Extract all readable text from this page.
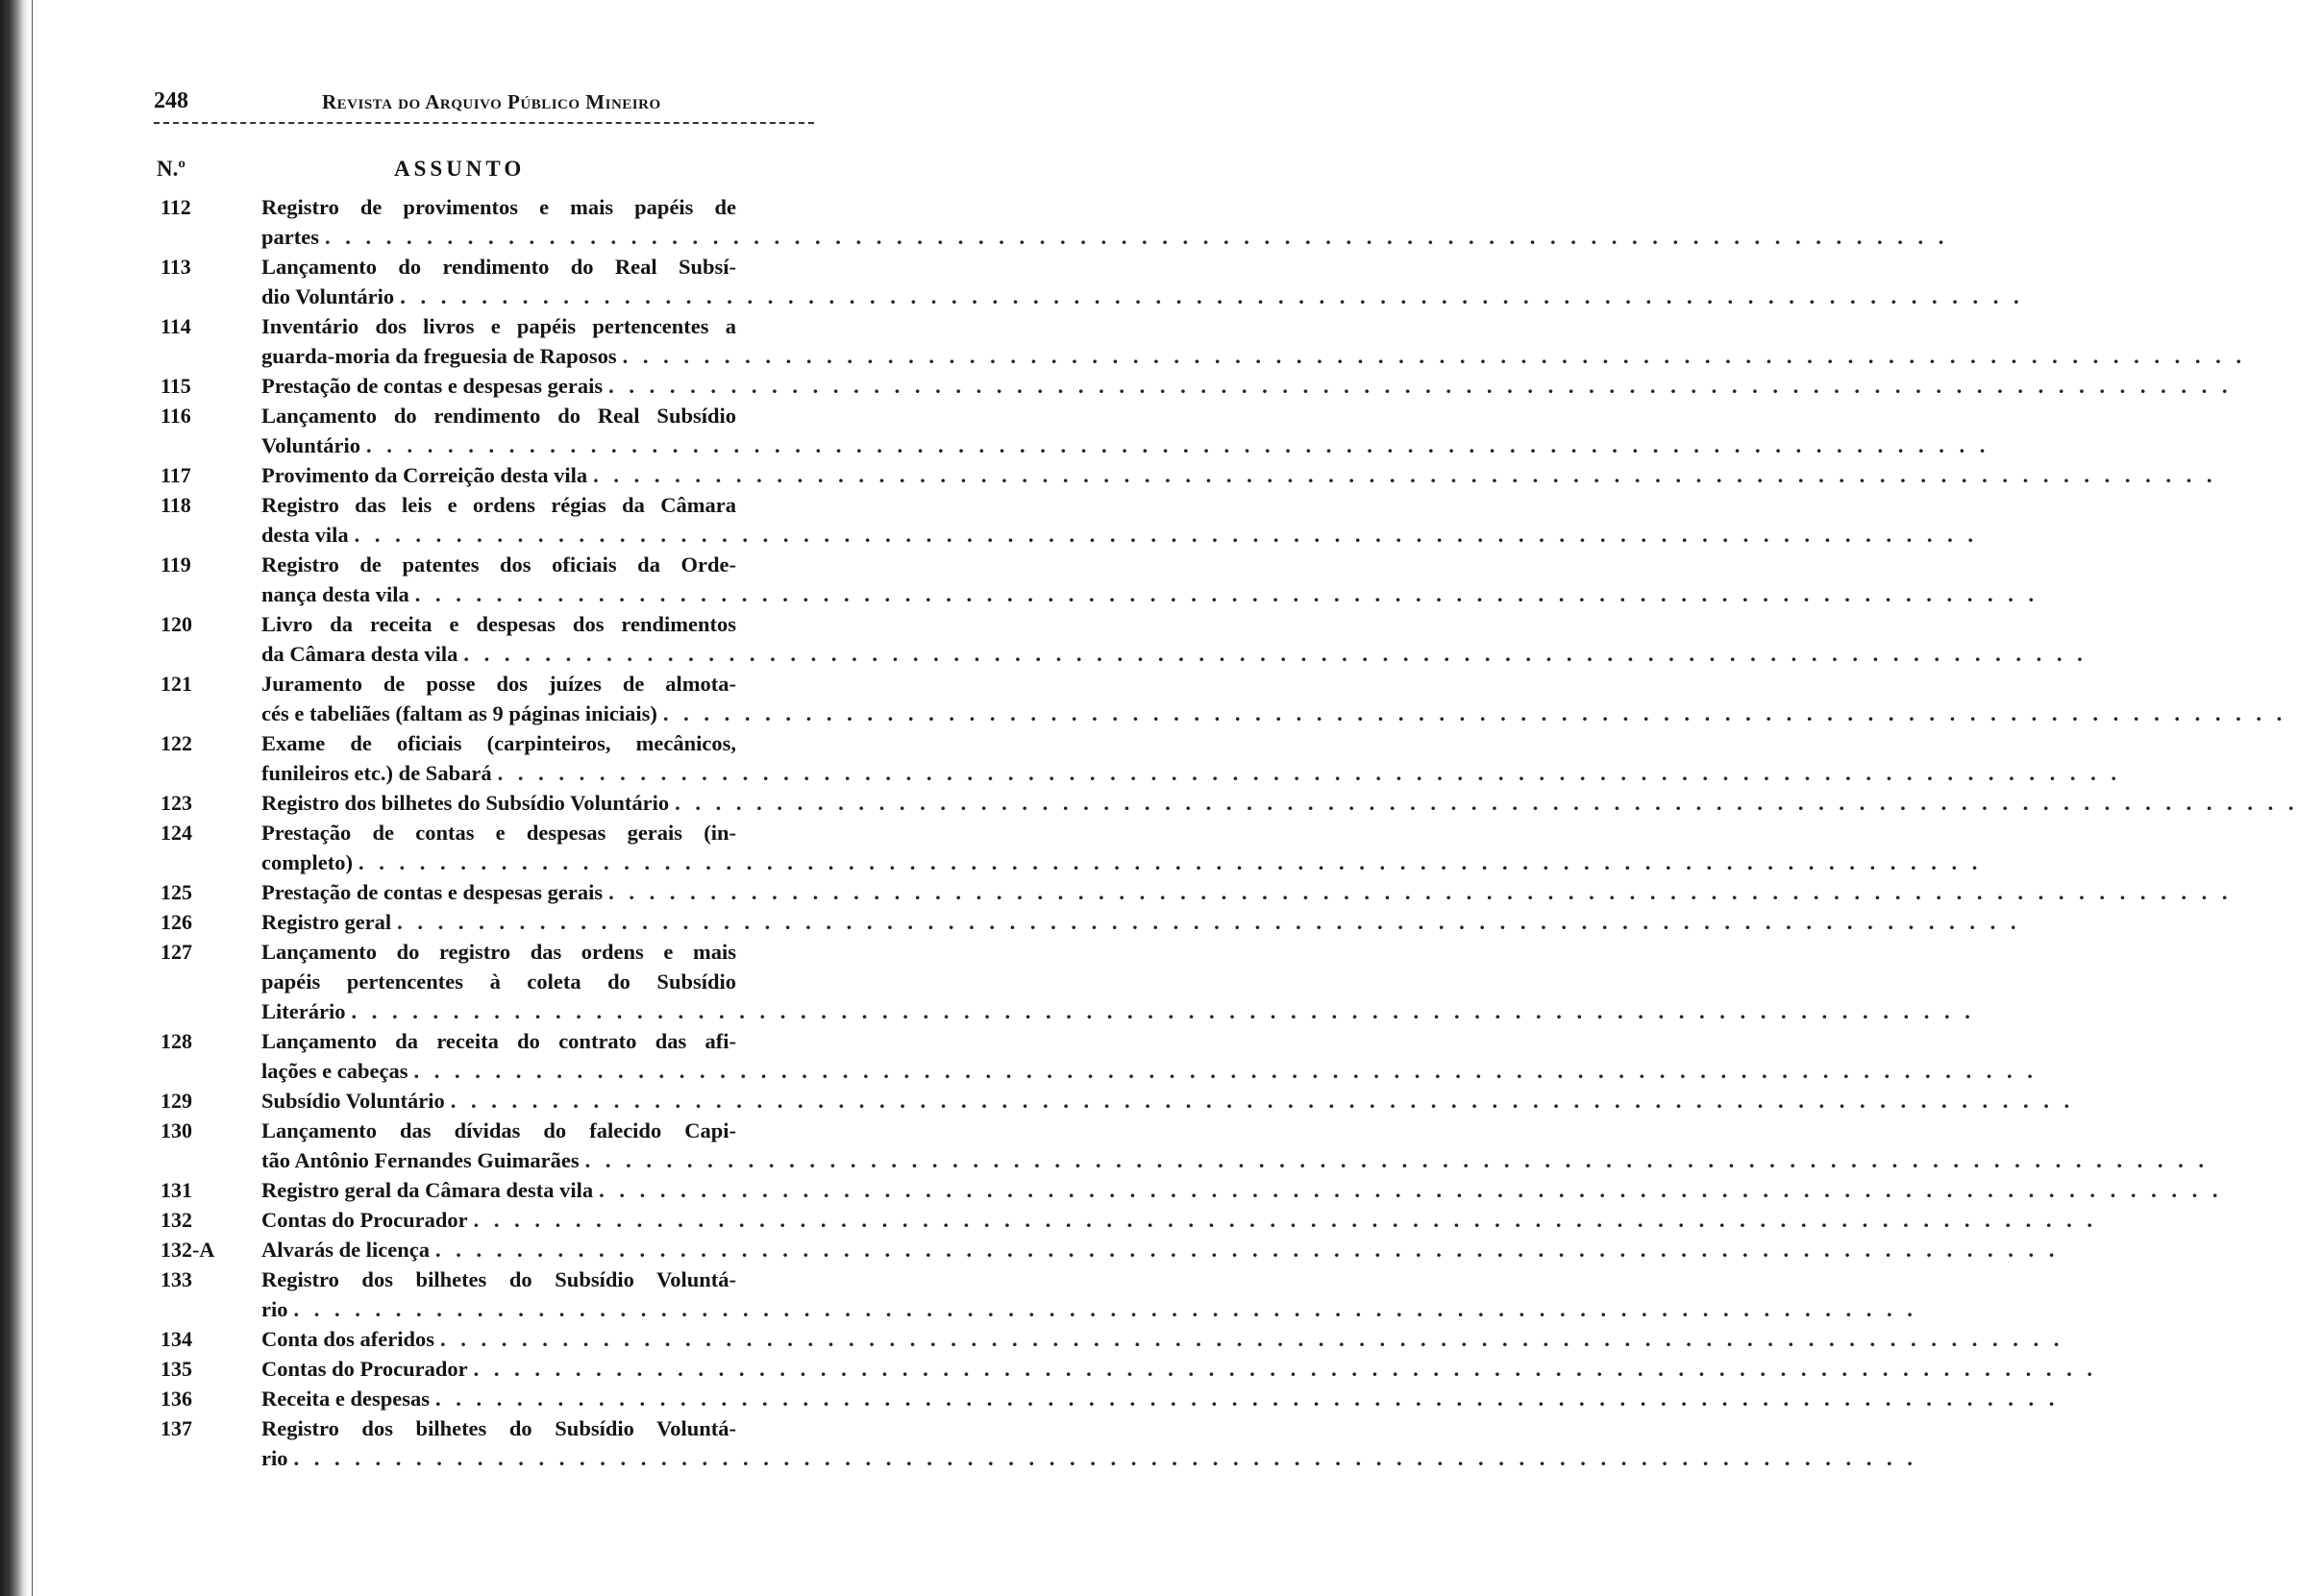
248	Revista do Arquivo Público Mineiro
N.º	ASSUNTO
112	Registro de provimentos e mais papéis de
partes . . . . . . . . . . . . . . . . . . . . . . . . . . . . . . . . . . . . . . . . . . . . . . . . . . . . . . . . . . . . . . . . . . . . . . . . . . . . . . . .
113	Lançamento do rendimento do Real Subsí-
dio Voluntário . . . . . . . . . . . . . . . . . . . . . . . . . . . . . . . . . . . . . . . . . . . . . . . . . . . . . . . . . . . . . . . . . . . . . . . . . . . . . . . .
114	Inventário dos livros e papéis pertencentes a
guarda-moria da freguesia de Raposos . . . . . . . . . . . . . . . . . . . . . . . . . . . . . . . . . . . . . . . . . . . . . . . . . . . . . . . . . . . . . . . . . . . . . . . . . . . . . . . .
115	Prestação de contas e despesas gerais . . . . . . . . . . . . . . . . . . . . . . . . . . . . . . . . . . . . . . . . . . . . . . . . . . . . . . . . . . . . . . . . . . . . . . . . . . . . . . . .
116	Lançamento do rendimento do Real Subsídio
Voluntário . . . . . . . . . . . . . . . . . . . . . . . . . . . . . . . . . . . . . . . . . . . . . . . . . . . . . . . . . . . . . . . . . . . . . . . . . . . . . . . .
117	Provimento da Correição desta vila . . . . . . . . . . . . . . . . . . . . . . . . . . . . . . . . . . . . . . . . . . . . . . . . . . . . . . . . . . . . . . . . . . . . . . . . . . . . . . . .
118	Registro das leis e ordens régias da Câmara
desta vila . . . . . . . . . . . . . . . . . . . . . . . . . . . . . . . . . . . . . . . . . . . . . . . . . . . . . . . . . . . . . . . . . . . . . . . . . . . . . . . .
119	Registro de patentes dos oficiais da Orde-
nança desta vila . . . . . . . . . . . . . . . . . . . . . . . . . . . . . . . . . . . . . . . . . . . . . . . . . . . . . . . . . . . . . . . . . . . . . . . . . . . . . . . .
120	Livro da receita e despesas dos rendimentos
da Câmara desta vila . . . . . . . . . . . . . . . . . . . . . . . . . . . . . . . . . . . . . . . . . . . . . . . . . . . . . . . . . . . . . . . . . . . . . . . . . . . . . . . .
121	Juramento de posse dos juízes de almota-
cés e tabeliães (faltam as 9 páginas iniciais) . . . . . . . . . . . . . . . . . . . . . . . . . . . . . . . . . . . . . . . . . . . . . . . . . . . . . . . . . . . . . . . . . . . . . . . . . . . . . . . .
122	Exame de oficiais (carpinteiros, mecânicos,
funileiros etc.) de Sabará . . . . . . . . . . . . . . . . . . . . . . . . . . . . . . . . . . . . . . . . . . . . . . . . . . . . . . . . . . . . . . . . . . . . . . . . . . . . . . . .
123	Registro dos bilhetes do Subsídio Voluntário . . . . . . . . . . . . . . . . . . . . . . . . . . . . . . . . . . . . . . . . . . . . . . . . . . . . . . . . . . . . . . . . . . . . . . . . . . . . . . . .
124	Prestação de contas e despesas gerais (in-
completo) . . . . . . . . . . . . . . . . . . . . . . . . . . . . . . . . . . . . . . . . . . . . . . . . . . . . . . . . . . . . . . . . . . . . . . . . . . . . . . . .
125	Prestação de contas e despesas gerais . . . . . . . . . . . . . . . . . . . . . . . . . . . . . . . . . . . . . . . . . . . . . . . . . . . . . . . . . . . . . . . . . . . . . . . . . . . . . . . .
126	Registro geral . . . . . . . . . . . . . . . . . . . . . . . . . . . . . . . . . . . . . . . . . . . . . . . . . . . . . . . . . . . . . . . . . . . . . . . . . . . . . . . .
127	Lançamento do registro das ordens e mais
papéis pertencentes à coleta do Subsídio
Literário . . . . . . . . . . . . . . . . . . . . . . . . . . . . . . . . . . . . . . . . . . . . . . . . . . . . . . . . . . . . . . . . . . . . . . . . . . . . . . . .
128	Lançamento da receita do contrato das afi-
lações e cabeças . . . . . . . . . . . . . . . . . . . . . . . . . . . . . . . . . . . . . . . . . . . . . . . . . . . . . . . . . . . . . . . . . . . . . . . . . . . . . . . .
129	Subsídio Voluntário . . . . . . . . . . . . . . . . . . . . . . . . . . . . . . . . . . . . . . . . . . . . . . . . . . . . . . . . . . . . . . . . . . . . . . . . . . . . . . . .
130	Lançamento das dívidas do falecido Capi-
tão Antônio Fernandes Guimarães . . . . . . . . . . . . . . . . . . . . . . . . . . . . . . . . . . . . . . . . . . . . . . . . . . . . . . . . . . . . . . . . . . . . . . . . . . . . . . . .
131	Registro geral da Câmara desta vila . . . . . . . . . . . . . . . . . . . . . . . . . . . . . . . . . . . . . . . . . . . . . . . . . . . . . . . . . . . . . . . . . . . . . . . . . . . . . . . .
132	Contas do Procurador . . . . . . . . . . . . . . . . . . . . . . . . . . . . . . . . . . . . . . . . . . . . . . . . . . . . . . . . . . . . . . . . . . . . . . . . . . . . . . . .
132-A	Alvarás de licença . . . . . . . . . . . . . . . . . . . . . . . . . . . . . . . . . . . . . . . . . . . . . . . . . . . . . . . . . . . . . . . . . . . . . . . . . . . . . . . .
133	Registro dos bilhetes do Subsídio Voluntá-
rio . . . . . . . . . . . . . . . . . . . . . . . . . . . . . . . . . . . . . . . . . . . . . . . . . . . . . . . . . . . . . . . . . . . . . . . . . . . . . . . .
134	Conta dos aferidos . . . . . . . . . . . . . . . . . . . . . . . . . . . . . . . . . . . . . . . . . . . . . . . . . . . . . . . . . . . . . . . . . . . . . . . . . . . . . . . .
135	Contas do Procurador . . . . . . . . . . . . . . . . . . . . . . . . . . . . . . . . . . . . . . . . . . . . . . . . . . . . . . . . . . . . . . . . . . . . . . . . . . . . . . . .
136	Receita e despesas . . . . . . . . . . . . . . . . . . . . . . . . . . . . . . . . . . . . . . . . . . . . . . . . . . . . . . . . . . . . . . . . . . . . . . . . . . . . . . . .
137	Registro dos bilhetes do Subsídio Voluntá-
rio . . . . . . . . . . . . . . . . . . . . . . . . . . . . . . . . . . . . . . . . . . . . . . . . . . . . . . . . . . . . . . . . . . . . . . . . . . . . . . . .
